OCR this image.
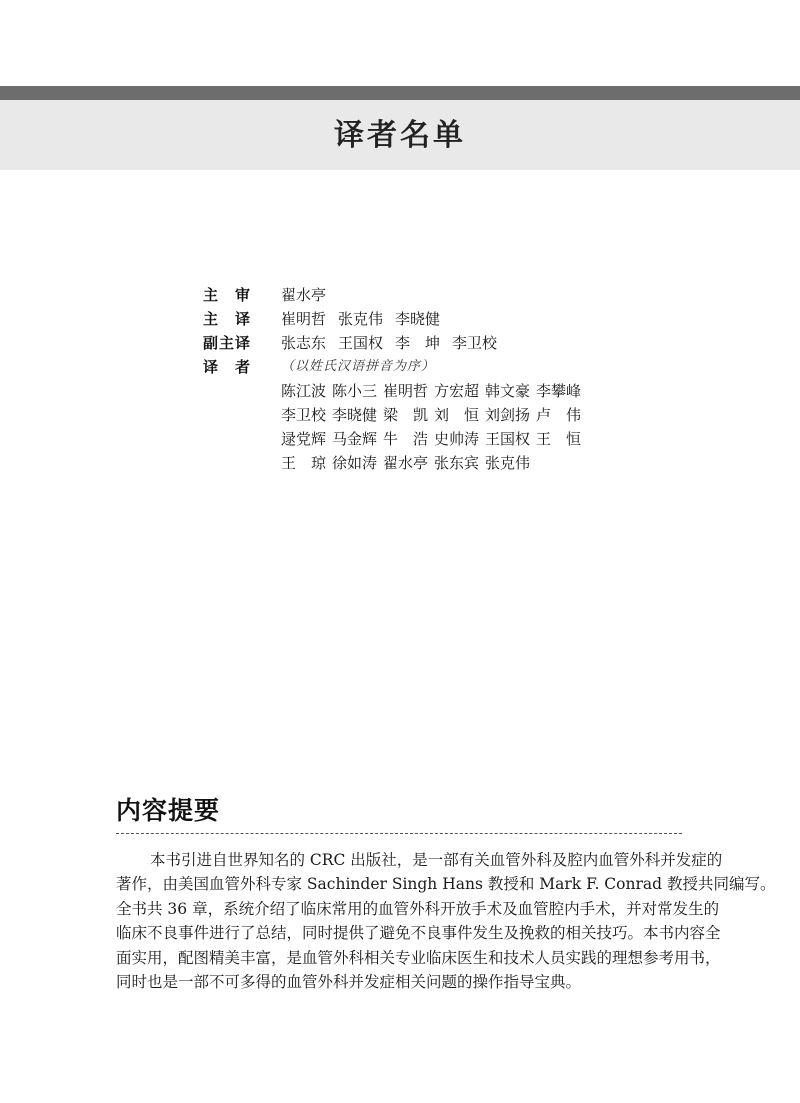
译者名单
主　审	翟水亭
主　译	崔明哲 张克伟 李晓健
副主译	张志东 王国权 李　坤 李卫校
译　者	（以姓氏汉语拼音为序）
陈江波 陈小三 崔明哲 方宏超 韩文豪 李攀峰
李卫校 李晓健 梁　凯 刘　恒 刘剑扬 卢　伟
逯党辉 马金辉 牛　浩 史帅涛 王国权 王　恒
王　琼 徐如涛 翟水亭 张东宾 张克伟
内容提要
本书引进自世界知名的 CRC 出版社，是一部有关血管外科及腔内血管外科并发症的
著作，由美国血管外科专家 Sachinder Singh Hans 教授和 Mark F. Conrad 教授共同编写。
全书共 36 章，系统介绍了临床常用的血管外科开放手术及血管腔内手术，并对常发生的
临床不良事件进行了总结，同时提供了避免不良事件发生及挽救的相关技巧。本书内容全
面实用，配图精美丰富，是血管外科相关专业临床医生和技术人员实践的理想参考用书，
同时也是一部不可多得的血管外科并发症相关问题的操作指导宝典。
